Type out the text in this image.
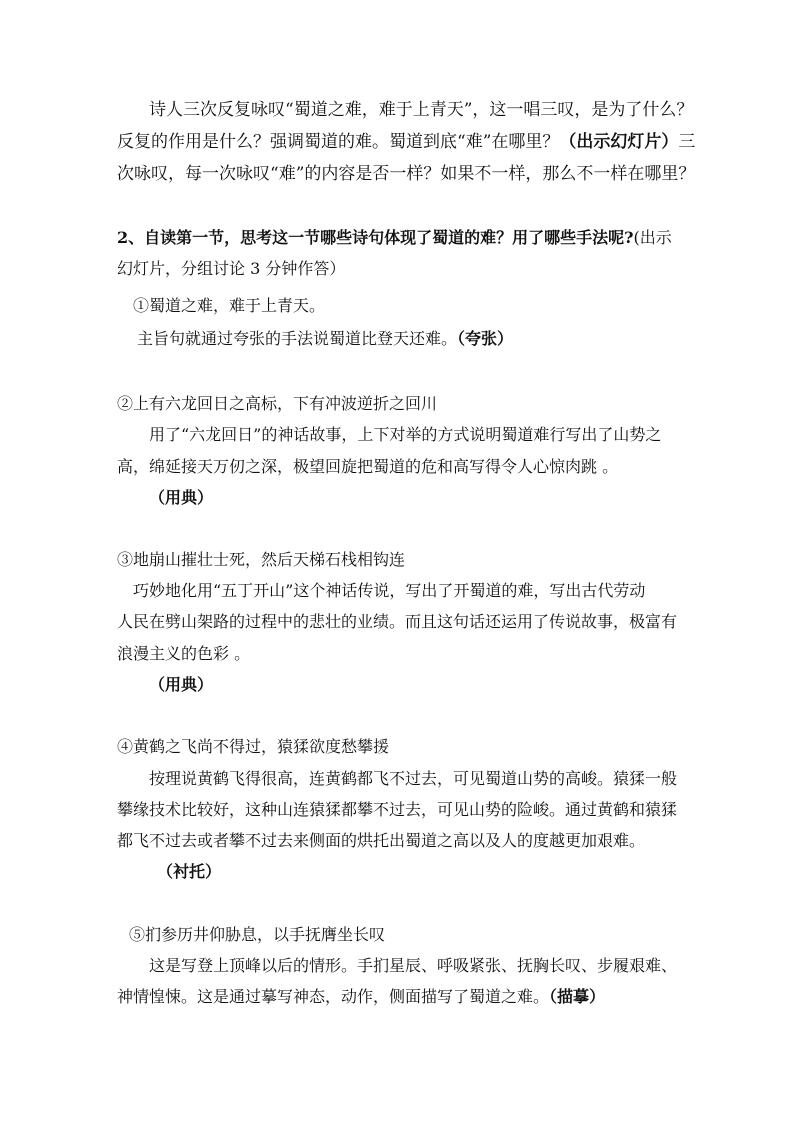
诗人三次反复咏叹“蜀道之难，难于上青天”，这一唱三叹，是为了什么？
反复的作用是什么？强调蜀道的难。蜀道到底“难”在哪里？（出示幻灯片）三
次咏叹，每一次咏叹“难”的内容是否一样？如果不一样，那么不一样在哪里？
2、自读第一节，思考这一节哪些诗句体现了蜀道的难？用了哪些手法呢?(出示
幻灯片，分组讨论 3 分钟作答）
①蜀道之难，难于上青天。
主旨句就通过夸张的手法说蜀道比登天还难。（夸张）
②上有六龙回日之高标，下有冲波逆折之回川
用了“六龙回日”的神话故事，上下对举的方式说明蜀道难行写出了山势之
高，绵延接天万仞之深，极望回旋把蜀道的危和高写得令人心惊肉跳 。
（用典）
③地崩山摧壮士死，然后天梯石栈相钩连
巧妙地化用“五丁开山”这个神话传说，写出了开蜀道的难，写出古代劳动
人民在劈山架路的过程中的悲壮的业绩。而且这句话还运用了传说故事，极富有
浪漫主义的色彩 。
（用典）
④黄鹤之飞尚不得过，猿猱欲度愁攀援
按理说黄鹤飞得很高，连黄鹤都飞不过去，可见蜀道山势的高峻。猿猱一般
攀缘技术比较好，这种山连猿猱都攀不过去，可见山势的险峻。通过黄鹤和猿猱
都飞不过去或者攀不过去来侧面的烘托出蜀道之高以及人的度越更加艰难。
（衬托）
⑤扪参历井仰胁息，以手抚膺坐长叹
这是写登上顶峰以后的情形。手扪星辰、呼吸紧张、抚胸长叹、步履艰难、
神情惶悚。这是通过摹写神态，动作，侧面描写了蜀道之难。（描摹）
